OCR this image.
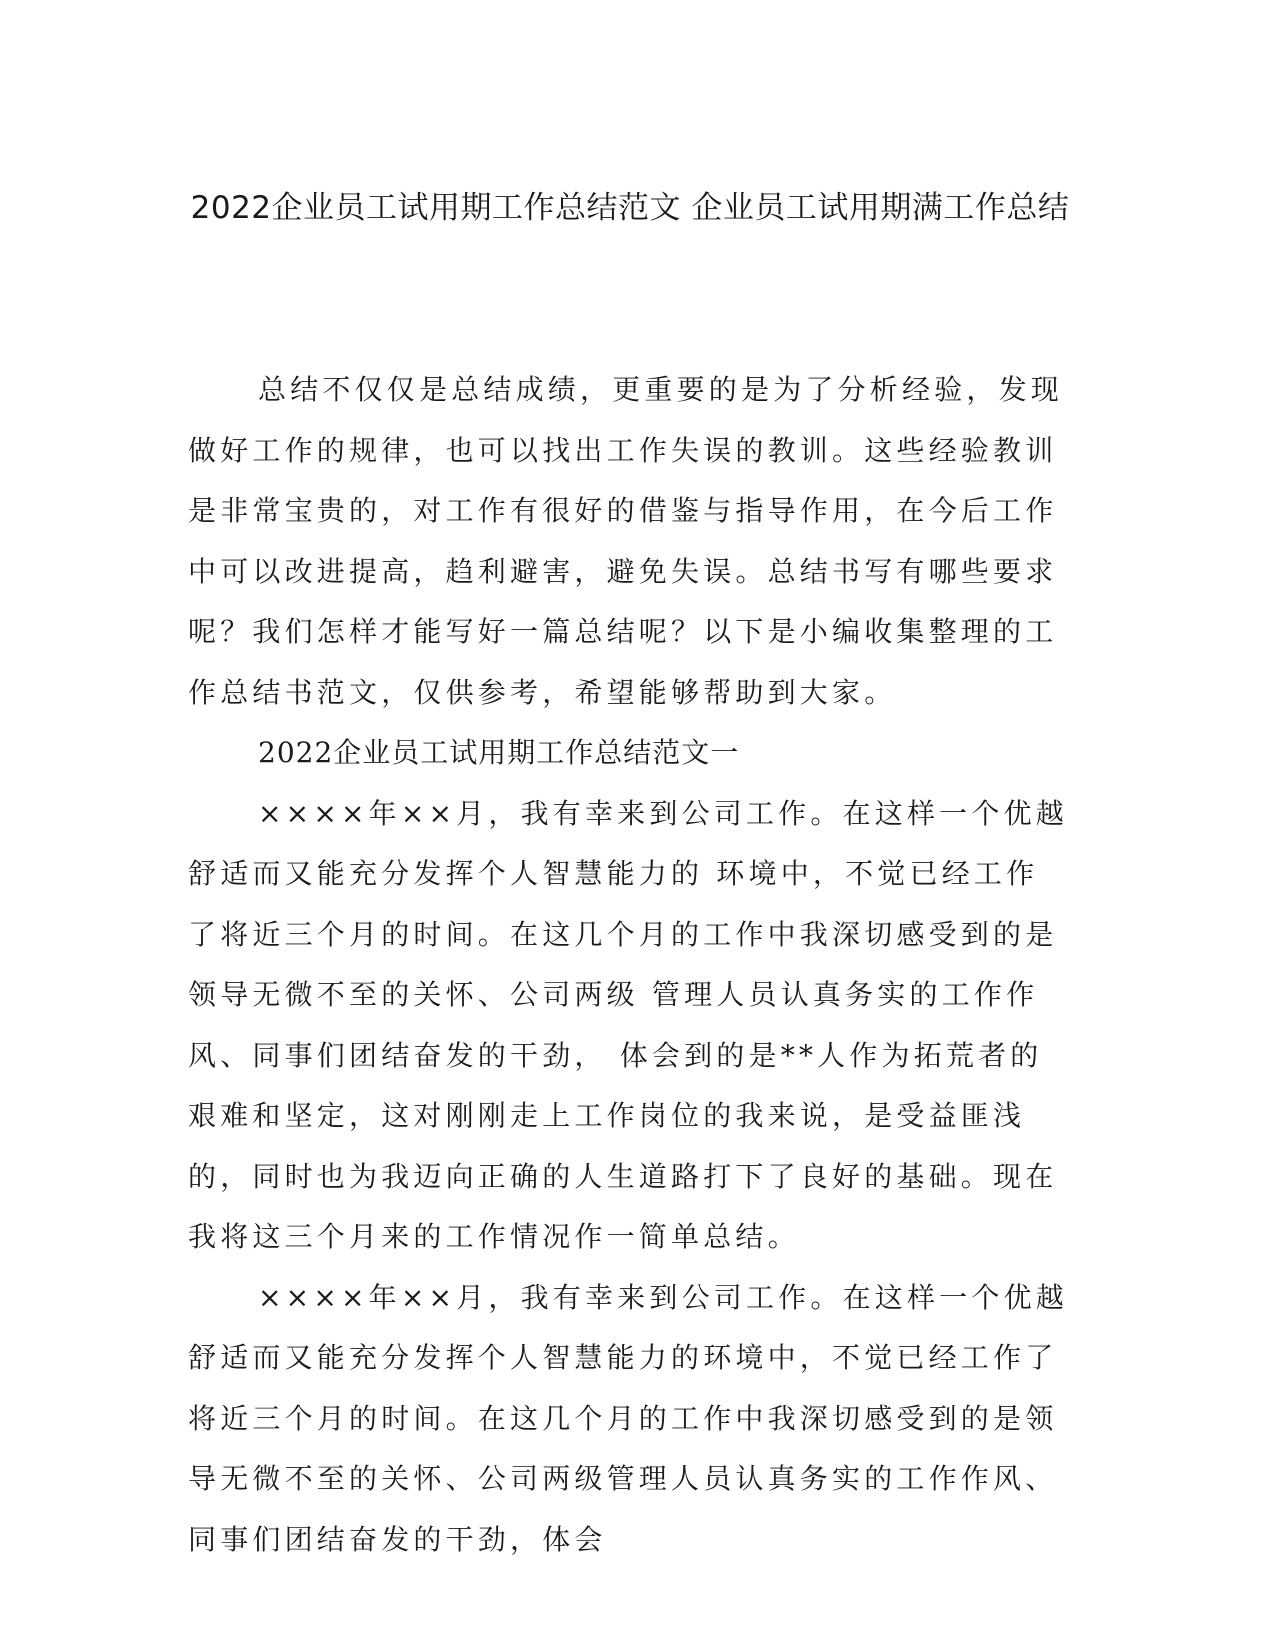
2022企业员工试用期工作总结范文 企业员工试用期满工作总结

总结不仅仅是总结成绩，更重要的是为了分析经验，发现做好工作的规律，也可以找出工作失误的教训。这些经验教训是非常宝贵的，对工作有很好的借鉴与指导作用，在今后工作中可以改进提高，趋利避害，避免失误。总结书写有哪些要求呢？我们怎样才能写好一篇总结呢？以下是小编收集整理的工作总结书范文，仅供参考，希望能够帮助到大家。

2022企业员工试用期工作总结范文一

××××年××月，我有幸来到公司工作。在这样一个优越舒适而又能充分发挥个人智慧能力的 环境中，不觉已经工作了将近三个月的时间。在这几个月的工作中我深切感受到的是领导无微不至的关怀、公司两级 管理人员认真务实的工作作风、同事们团结奋发的干劲， 体会到的是**人作为拓荒者的艰难和坚定，这对刚刚走上工作岗位的我来说，是受益匪浅的，同时也为我迈向正确的人生道路打下了良好的基础。现在我将这三个月来的工作情况作一简单总结。

××××年××月，我有幸来到公司工作。在这样一个优越舒适而又能充分发挥个人智慧能力的环境中，不觉已经工作了将近三个月的时间。在这几个月的工作中我深切感受到的是领导无微不至的关怀、公司两级管理人员认真务实的工作作风、同事们团结奋发的干劲，体会
